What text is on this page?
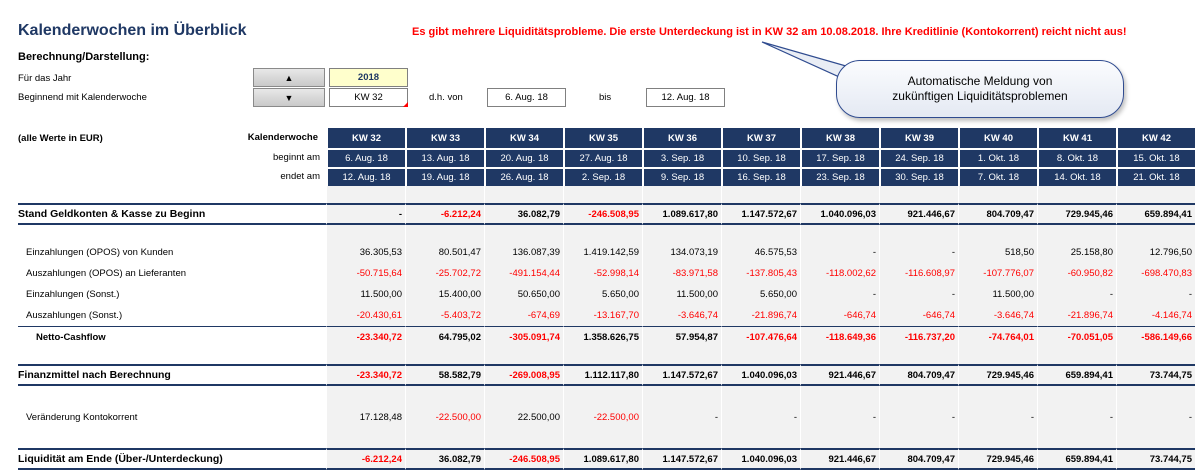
Kalenderwochen im Überblick	Es gibt mehrere Liquiditätsprobleme. Die erste Unterdeckung ist in KW 32 am 10.08.2018. Ihre Kreditlinie (Kontokorrent) reicht nicht aus!
Berechnung/Darstellung:
Für das Jahr
Beginnend mit Kalenderwoche
▲
▼
2018
KW 32	d.h. von	6. Aug. 18	bis	12. Aug. 18
Automatische Meldung von
zukünftigen Liquiditätsproblemen
(alle Werte in EUR) Kalenderwoche	KW 32	KW 33	KW 34	KW 35	KW 36	KW 37	KW 38	KW 39	KW 40	KW 41	KW 42
beginnt am	6. Aug. 18	13. Aug. 18	20. Aug. 18	27. Aug. 18	3. Sep. 18	10. Sep. 18	17. Sep. 18	24. Sep. 18	1. Okt. 18	8. Okt. 18	15. Okt. 18
endet am	12. Aug. 18	19. Aug. 18	26. Aug. 18	2. Sep. 18	9. Sep. 18	16. Sep. 18	23. Sep. 18	30. Sep. 18	7. Okt. 18	14. Okt. 18	21. Okt. 18

Stand Geldkonten & Kasse zu Beginn	-	-6.212,24	36.082,79	-246.508,95	1.089.617,80	1.147.572,67	1.040.096,03	921.446,67	804.709,47	729.945,46	659.894,41

Einzahlungen (OPOS) von Kunden	36.305,53	80.501,47	136.087,39	1.419.142,59	134.073,19	46.575,53	-	-	518,50	25.158,80	12.796,50
Auszahlungen (OPOS) an Lieferanten	-50.715,64	-25.702,72	-491.154,44	-52.998,14	-83.971,58	-137.805,43	-118.002,62	-116.608,97	-107.776,07	-60.950,82	-698.470,83
Einzahlungen (Sonst.)	11.500,00	15.400,00	50.650,00	5.650,00	11.500,00	5.650,00	-	-	11.500,00	-	-
Auszahlungen (Sonst.)	-20.430,61	-5.403,72	-674,69	-13.167,70	-3.646,74	-21.896,74	-646,74	-646,74	-3.646,74	-21.896,74	-4.146,74
Netto-Cashflow	-23.340,72	64.795,02	-305.091,74	1.358.626,75	57.954,87	-107.476,64	-118.649,36	-116.737,20	-74.764,01	-70.051,05	-586.149,66

Finanzmittel nach Berechnung	-23.340,72	58.582,79	-269.008,95	1.112.117,80	1.147.572,67	1.040.096,03	921.446,67	804.709,47	729.945,46	659.894,41	73.744,75

Veränderung Kontokorrent	17.128,48	-22.500,00	22.500,00	-22.500,00	-	-	-	-	-	-	-

Liquidität am Ende (Über-/Unterdeckung)	-6.212,24	36.082,79	-246.508,95	1.089.617,80	1.147.572,67	1.040.096,03	921.446,67	804.709,47	729.945,46	659.894,41	73.744,75
